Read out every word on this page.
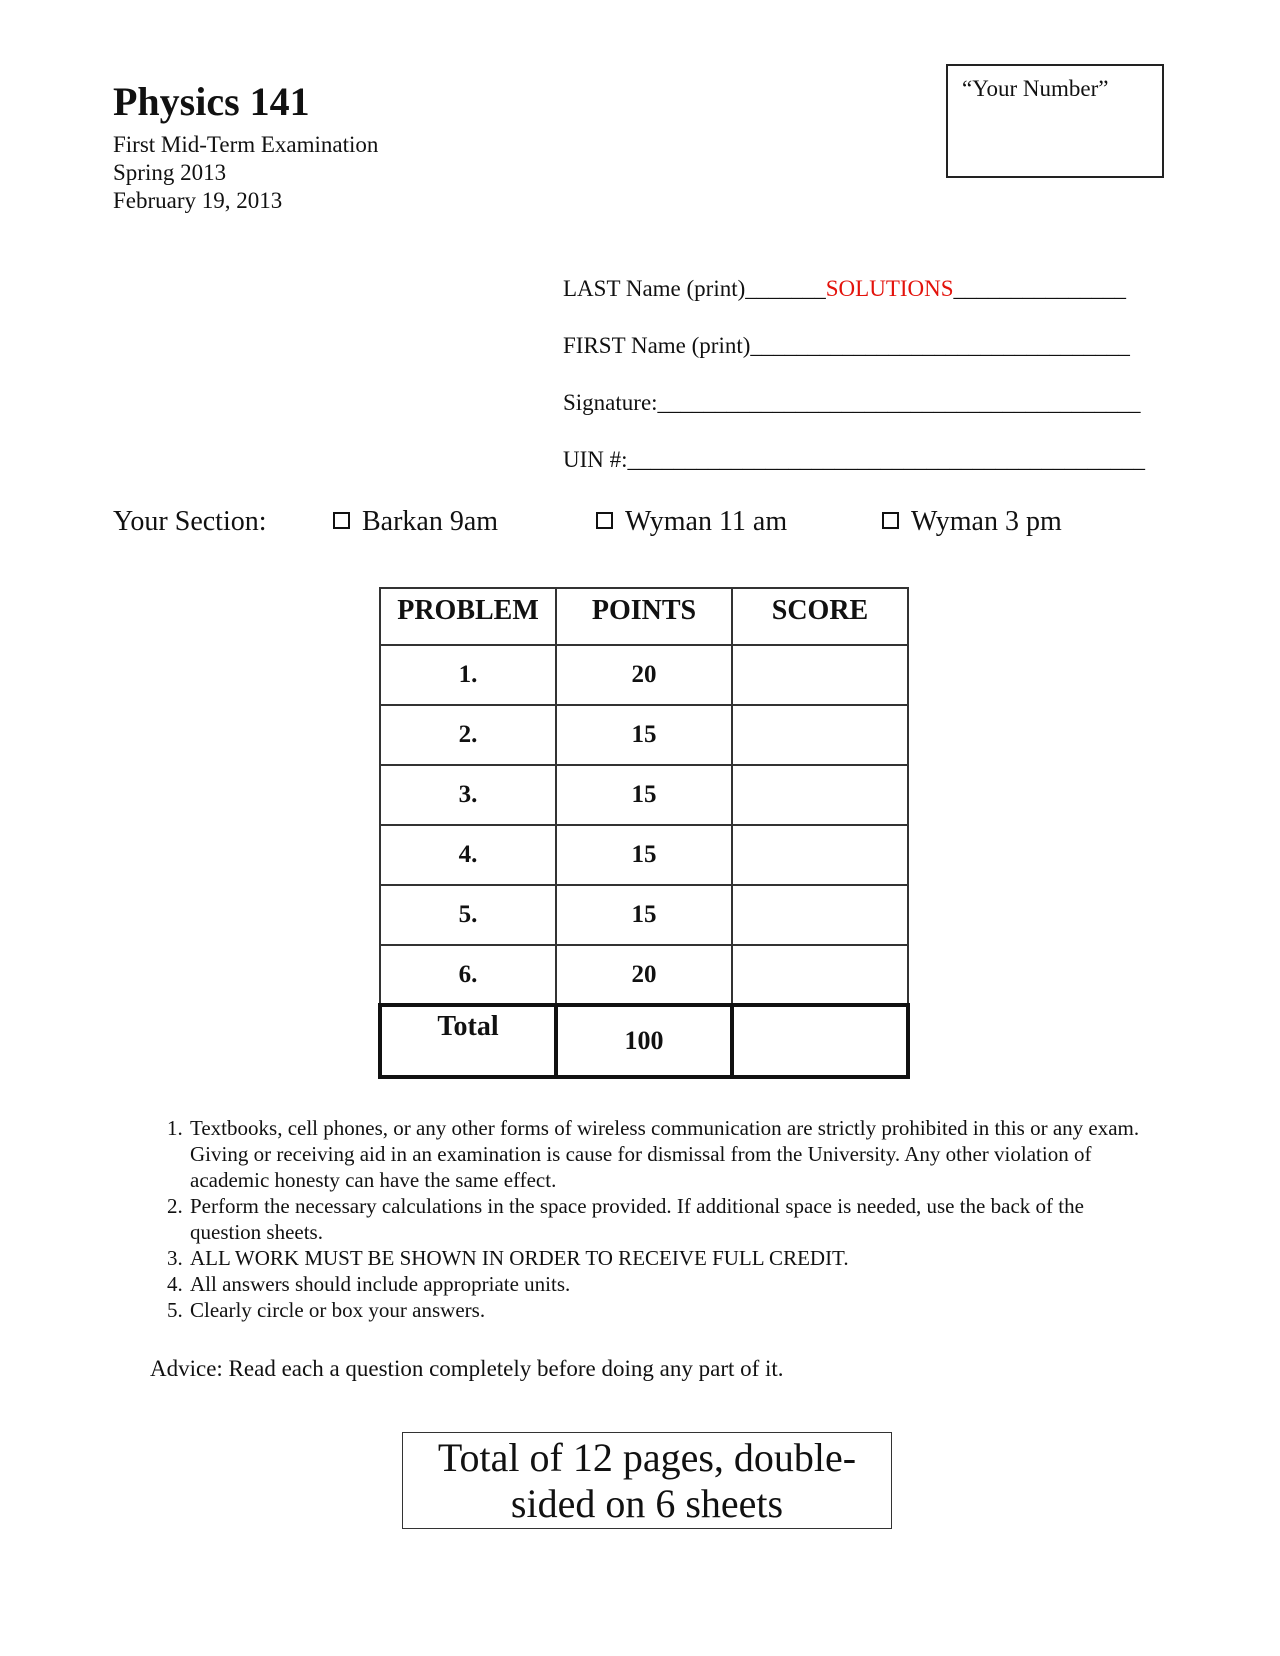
Physics 141
First Mid-Term Examination
Spring 2013
February 19, 2013
“Your Number”
LAST Name (print)_______SOLUTIONS_______________
FIRST Name (print)_________________________________
Signature:__________________________________________
UIN #:_____________________________________________
Your Section:	Barkan 9am	Wyman 11 am	Wyman 3 pm
PROBLEM	POINTS	SCORE
1.	20	
2.	15	
3.	15	
4.	15	
5.	15	
6.	20	
Total	100	
1. Textbooks, cell phones, or any other forms of wireless communication are strictly prohibited in this or any exam. Giving or receiving aid in an examination is cause for dismissal from the University. Any other violation of academic honesty can have the same effect.
2. Perform the necessary calculations in the space provided. If additional space is needed, use the back of the question sheets.
3. ALL WORK MUST BE SHOWN IN ORDER TO RECEIVE FULL CREDIT.
4. All answers should include appropriate units.
5. Clearly circle or box your answers.
Advice: Read each a question completely before doing any part of it.
Total of 12 pages, double-
sided on 6 sheets
